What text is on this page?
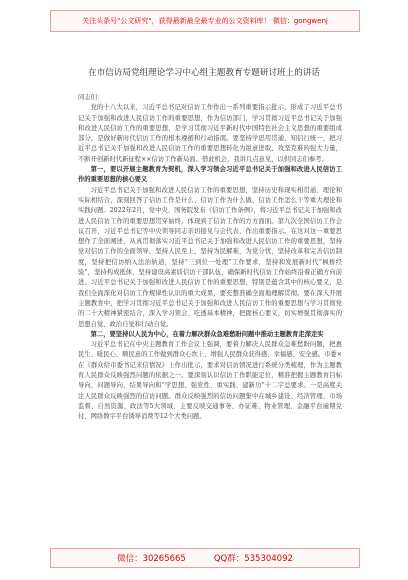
关注头条号"公文研究"，获得最新最全最专业的公文资料库！ 微信：gongwenj
在市信访局党组理论学习中心组主题教育专题研讨班上的讲话

同志们：

党的十八大以来，习近平总书记对信访工作作出一系列重要指示批示，形成了习近平总书记关于加强和改进人民信访工作的重要思想，作为信访部门，学习贯彻习近平总书记关于加强和改进人民信访工作的重要思想，是学习贯彻习近平新时代中国特色社会主义思想的重要组成部分，是做好新时代信访工作的根本遵循和行动指南。要坚持学思用贯通、知信行统一，把习近平总书记关于加强和改进人民信访工作的重要思想转化为锐意进取、攻坚克难的强大力量，不断开创新时代新征程××信访工作新局面。借此机会，我讲几点意见，以供同志们参考。

第一，要以开展主题教育为契机，深入学习领会习近平总书记关于加强和改进人民信访工作的重要思想的核心要义

习近平总书记关于加强和改进人民信访工作的重要思想，坚持历史和现实相贯通、理论和实际相结合，深刻回答了信访工作是什么、信访工作为什么做、信访工作怎么干等重大理论和实践问题。2022年2月，党中央、国务院发布《信访工作条例》，将习近平总书记关于加强和改进人民信访工作的重要思想贯穿始终，体现到了信访工作的方方面面。第九次全国信访工作会议召开，习近平总书记等中央领导同志亲切接见与会代表，作出重要指示。在这对这一重要思想作了全面阐述，从真贯彻落实习近平总书记关于加强和改进人民信访工作的重要思想，坚持党对信访工作的全面领导，坚持人民至上，坚持为民解难，为党分忧，坚持改革和完善信访制度，坚持把信访纳入法治轨道，坚持“三到位一处理”工作要求，坚持和发展新时代“枫桥经验”，坚持构成抵体，坚持建设高素质信访干部队伍，确保新时代信访工作始终沿着正确方向前进。习近平总书记关于加强和改进人民信访工作的重要思想，特别是蕴含其中的核心要义，是我们全面深化对信访工作规律性认识的重大成果，要充整准确全面地理解贯彻。要在深入开展主题教育中，把学习贯彻习近平总书记关于加强和改进人民信访工作的重要思想与学习贯彻党的二十大精神紧密结合，深入学习领会、吃透基本精神，把握核心要义，切实增强贯彻落实的思想自觉、政治自觉和行动自觉。

第二，要坚持以人民为中心，在着力解决群众急难愁盼问题中推动主题教育走深走实

习近平总书记在中央主题教育工作会议上强调，要着力解决人民群众急难愁盼问题，把惠民生、暖民心、顺民意的工作做到群众心坎上，增强人民群众获得感、幸福感、安全感。市委×在《群众给市委书记来信情况》上作出批示，要求对信访情况进行系统分类梳理，作为主题教育人民群众反映强烈问题的依据之一。要深刻认识信访工作职能定位，精准把握主题教育目标导向，问题导向、结果导向和“学思想、强党性、重实践、建新功”十二字总要求。一是高度关注人民群众反映强烈的信访问题。群众反映强烈的信访问题集中在城乡建设、经济管理、市场监督、自然资源、政法等5大领域，主要反映交通事务、办证难、物业管理、金融平台逾期兑付、网络数字平台诱导消费等12个大类问题。

微信：30265665	QQ群：535304092
